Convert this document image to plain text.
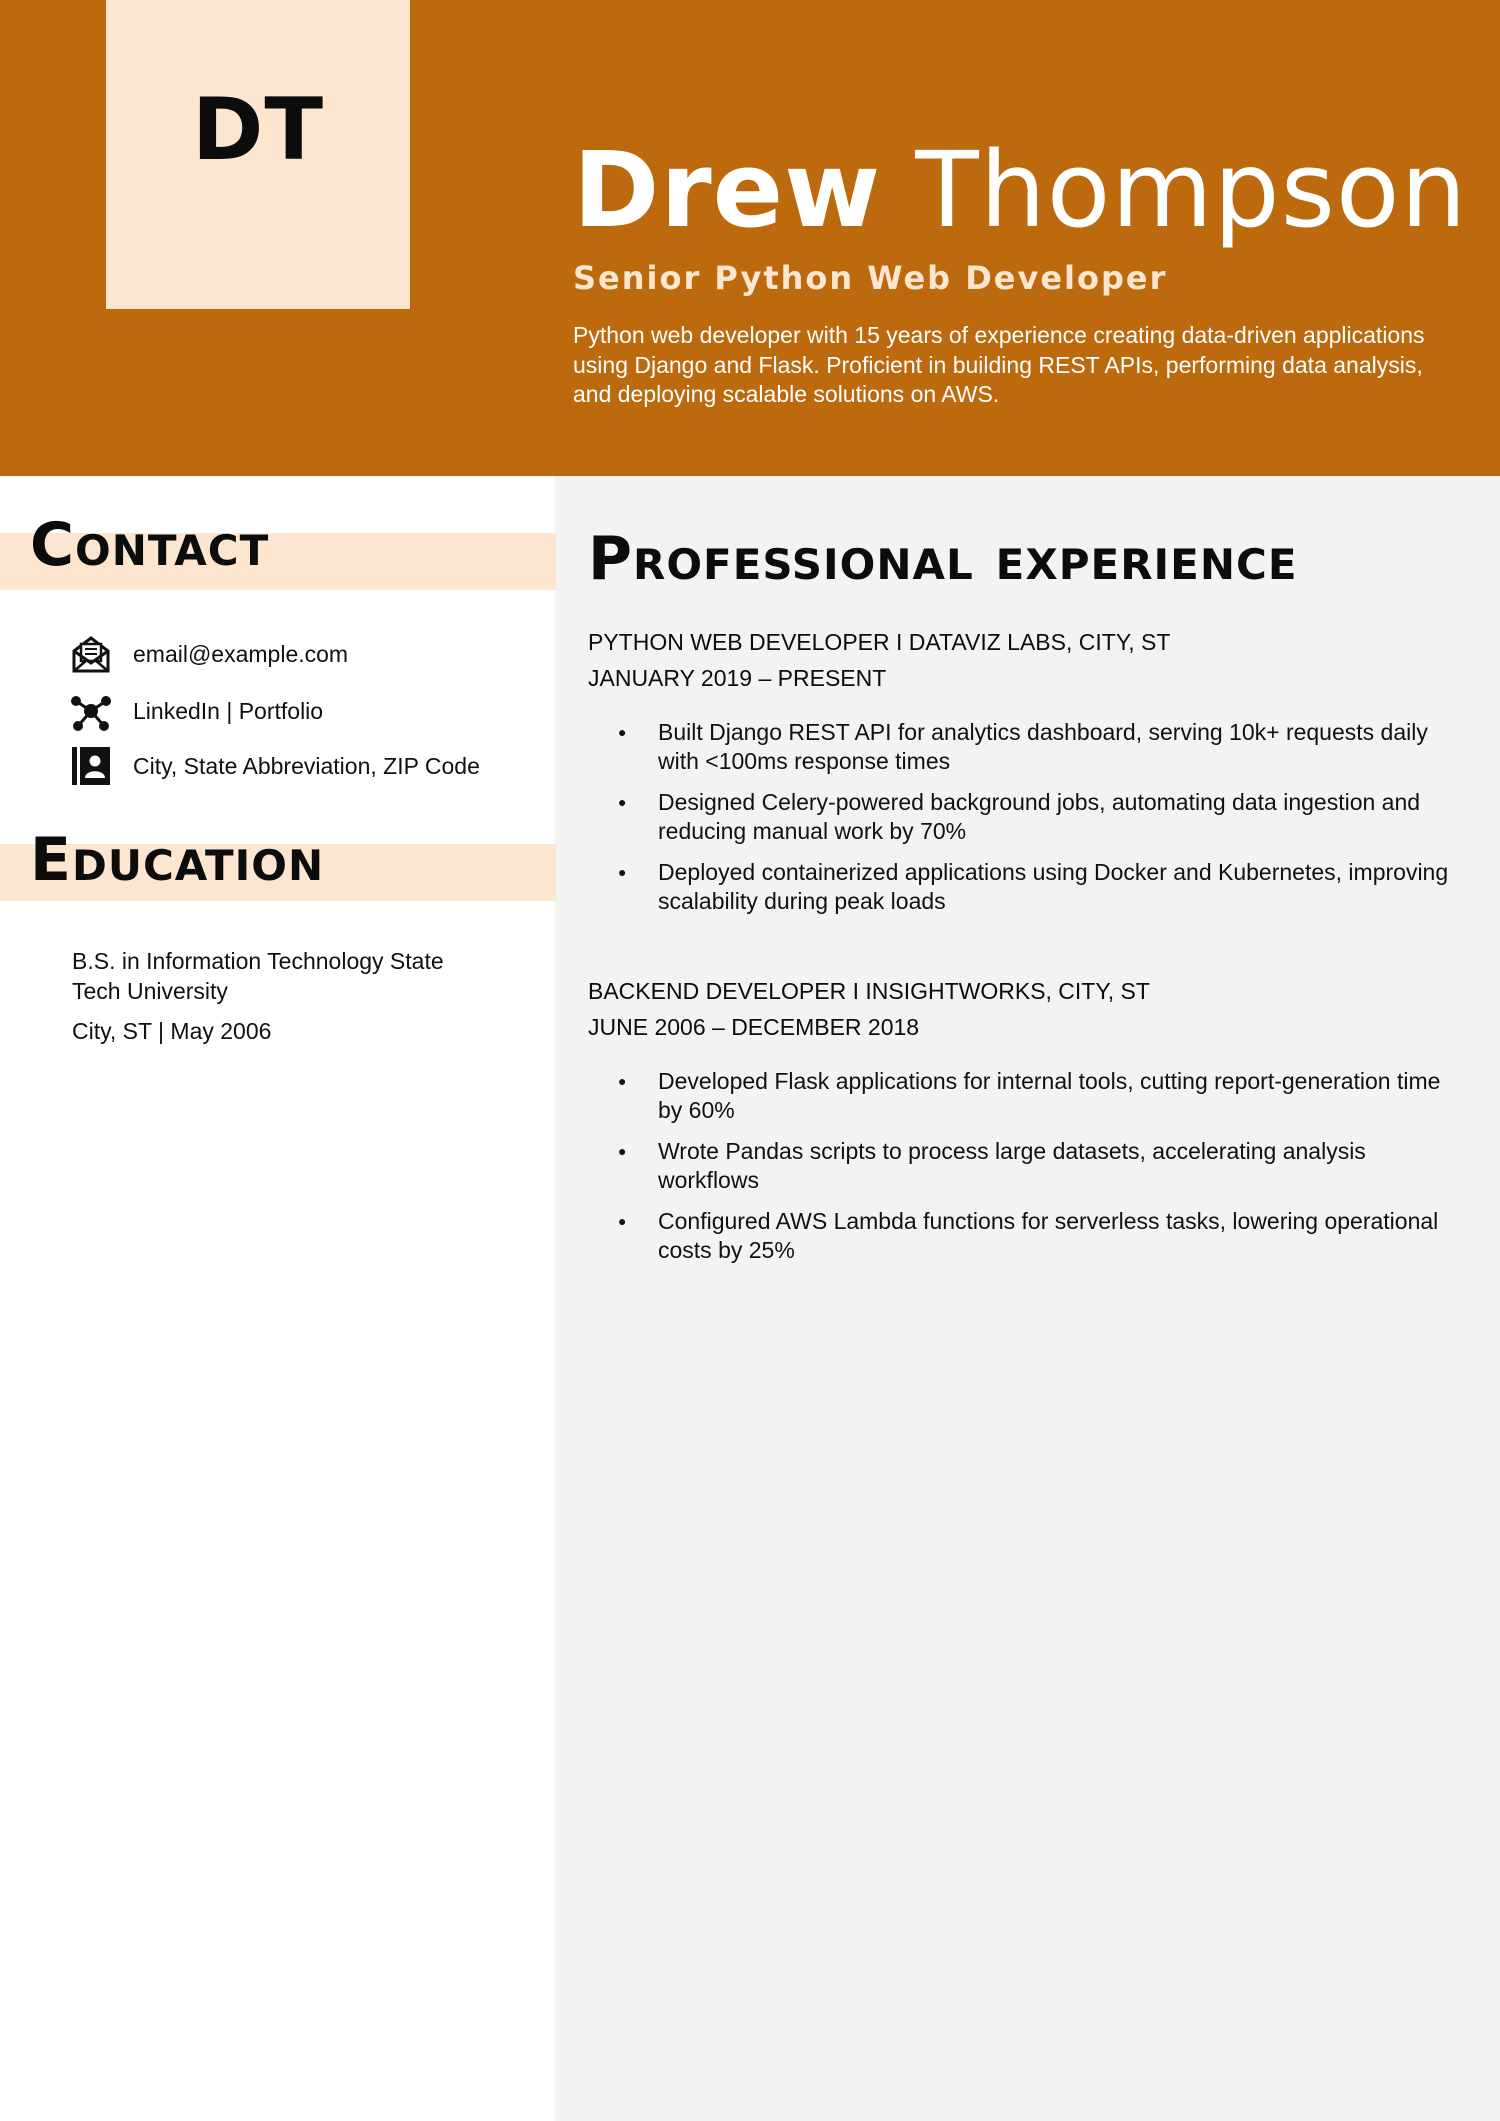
DT Drew Thompson
Senior Python Web Developer
Python web developer with 15 years of experience creating data-driven applications using Django and Flask. Proficient in building REST APIs, performing data analysis, and deploying scalable solutions on AWS.
Contact
email@example.com
LinkedIn | Portfolio
City, State Abbreviation, ZIP Code
Education
B.S. in Information Technology State Tech University
City, ST | May 2006
Professional experience
PYTHON WEB DEVELOPER I DATAVIZ LABS, CITY, ST
JANUARY 2019 – PRESENT
● Built Django REST API for analytics dashboard, serving 10k+ requests daily with <100ms response times
● Designed Celery-powered background jobs, automating data ingestion and reducing manual work by 70%
● Deployed containerized applications using Docker and Kubernetes, improving scalability during peak loads
BACKEND DEVELOPER I INSIGHTWORKS, CITY, ST
JUNE 2006 – DECEMBER 2018
● Developed Flask applications for internal tools, cutting report-generation time by 60%
● Wrote Pandas scripts to process large datasets, accelerating analysis workflows
● Configured AWS Lambda functions for serverless tasks, lowering operational costs by 25%
